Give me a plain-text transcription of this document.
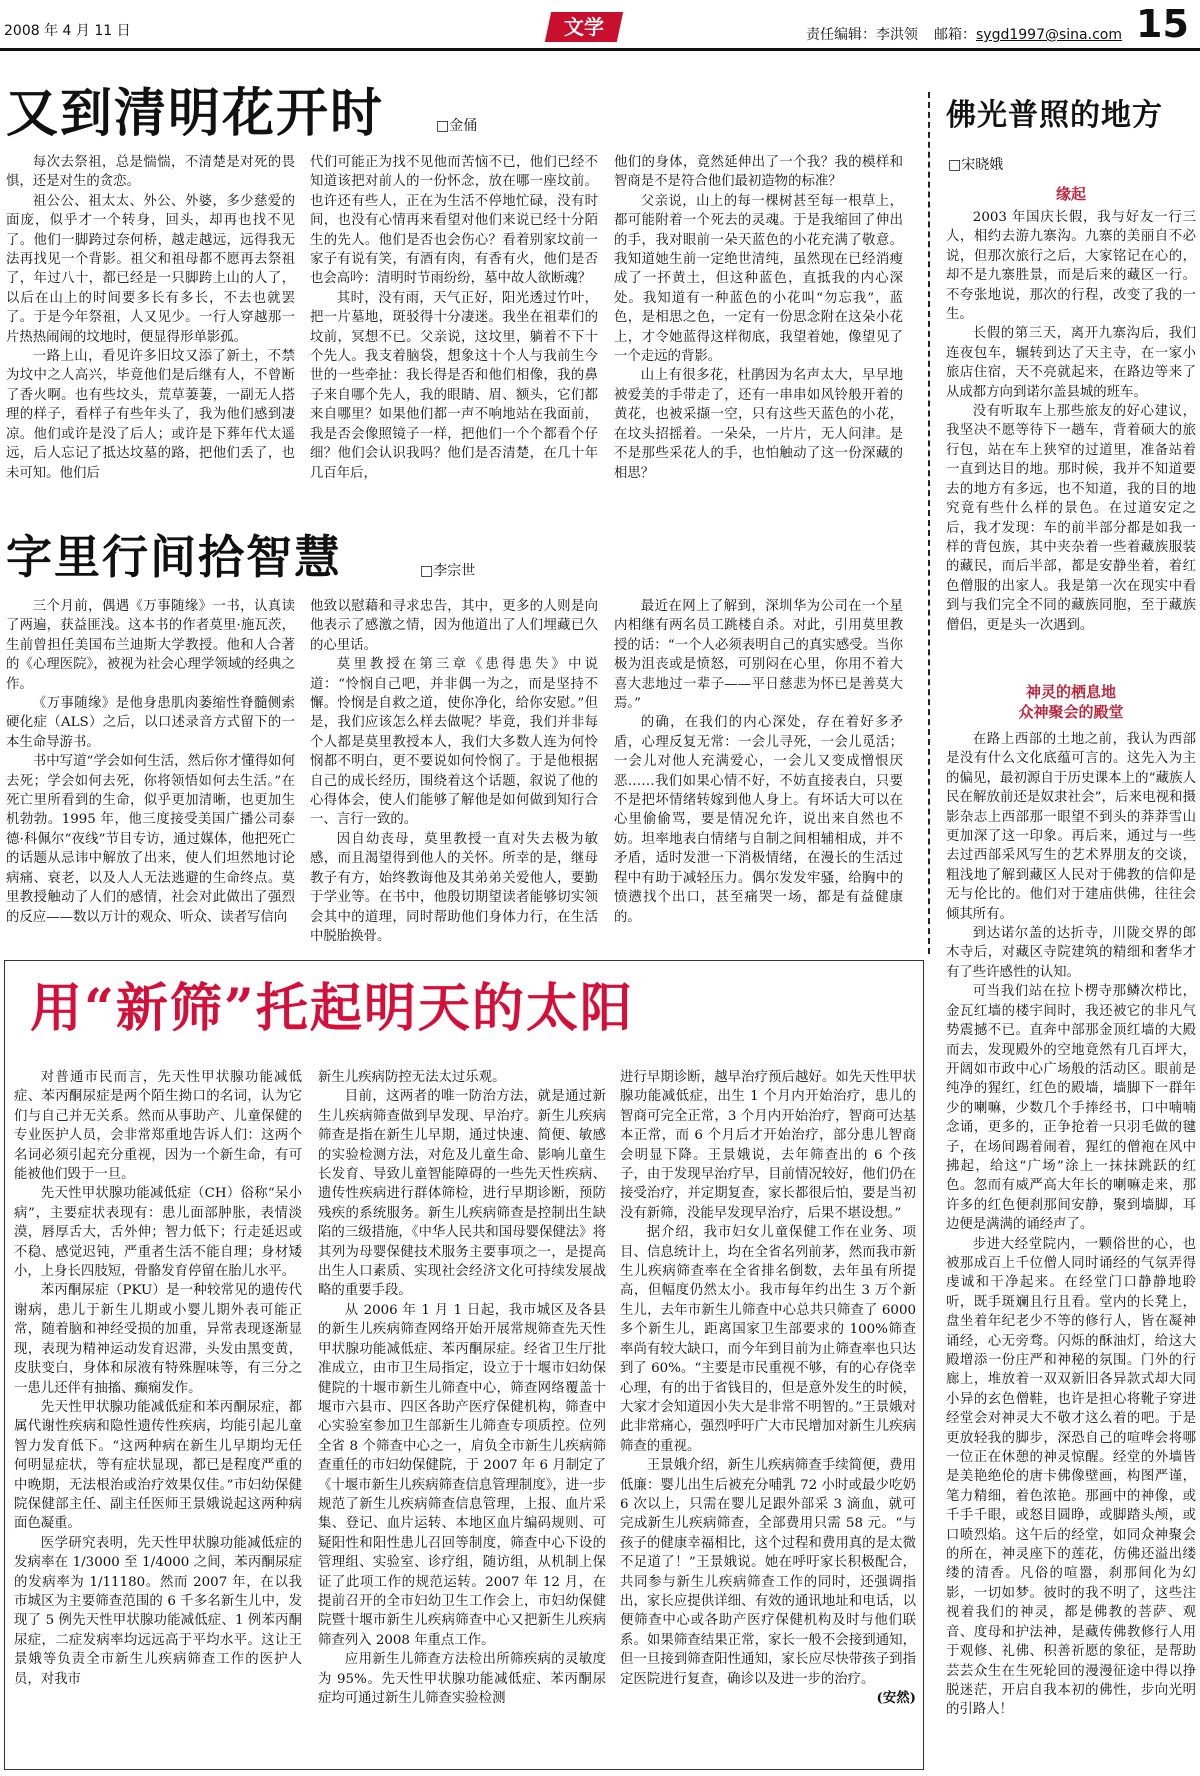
2008 年 4 月 11 日	文学	责任编辑：李洪领 邮箱：sygd1997@sina.com 15
又到清明花开时	□金俑

每次去祭祖，总是惴惴，不清楚是对死的畏惧，还是对生的贪恋。

祖公公、祖太太、外公、外婆，多少慈爱的面庞，似乎才一个转身，回头，却再也找不见了。他们一脚跨过奈何桥，越走越远，远得我无法再找见一个背影。祖父和祖母都不愿再去祭祖了，年过八十，都已经是一只脚跨上山的人了，以后在山上的时间要多长有多长，不去也就罢了。于是今年祭祖，人又见少。一行人穿越那一片热热闹闹的坟地时，便显得形单影孤。

一路上山，看见许多旧坟又添了新土，不禁为坟中之人高兴，毕竟他们是后继有人，不曾断了香火啊。也有些坟头，荒草萋萋，一副无人搭理的样子，看样子有些年头了，我为他们感到凄凉。他们或许是没了后人；或许是下葬年代太遥远，后人忘记了抵达坟墓的路，把他们丢了，也未可知。他们后

代们可能正为找不见他而苦恼不已，他们已经不知道该把对前人的一份怀念，放在哪一座坟前。也许还有些人，正在为生活不停地忙碌，没有时间，也没有心情再来看望对他们来说已经十分陌生的先人。他们是否也会伤心？看着别家坟前一家子有说有笑，有酒有肉，有香有火，他们是否也会高吟：清明时节雨纷纷，墓中故人欲断魂？

其时，没有雨，天气正好，阳光透过竹叶，把一片墓地，斑驳得十分凄迷。我坐在祖辈们的坟前，冥想不已。父亲说，这坟里，躺着不下十个先人。我支着脑袋，想象这十个人与我前生今世的一些牵扯：我长得是否和他们相像，我的鼻子来自哪个先人，我的眼睛、眉、额头，它们都来自哪里？如果他们都一声不响地站在我面前，我是否会像照镜子一样，把他们一个个都看个仔细？他们会认识我吗？他们是否清楚，在几十年几百年后，

他们的身体，竟然延伸出了一个我？我的模样和智商是不是符合他们最初造物的标准？

父亲说，山上的每一棵树甚至每一根草上，都可能附着一个死去的灵魂。于是我缩回了伸出的手，我对眼前一朵天蓝色的小花充满了敬意。我知道她生前一定绝世清纯，虽然现在已经消瘦成了一抔黄土，但这种蓝色，直抵我的内心深处。我知道有一种蓝色的小花叫“勿忘我”，蓝色，是相思之色，一定有一份思念附在这朵小花上，才令她蓝得这样彻底，我望着她，像望见了一个走远的背影。

山上有很多花，杜鹃因为名声太大，早早地被爱美的手带走了，还有一串串如风铃般开着的黄花，也被采撷一空，只有这些天蓝色的小花，在坟头招摇着。一朵朵，一片片，无人问津。是不是那些采花人的手，也怕触动了这一份深藏的相思？

字里行间拾智慧	□李宗世

三个月前，偶遇《万事随缘》一书，认真读了两遍，获益匪浅。这本书的作者莫里·施瓦茨，生前曾担任美国布兰迪斯大学教授。他和人合著的《心理医院》，被视为社会心理学领域的经典之作。

《万事随缘》是他身患肌肉萎缩性脊髓侧索硬化症（ALS）之后，以口述录音方式留下的一本生命导游书。

书中写道“学会如何生活，然后你才懂得如何去死；学会如何去死，你将领悟如何去生活。”在死亡里所看到的生命，似乎更加清晰，也更加生机勃勃。1995 年，他三度接受美国广播公司泰德·科佩尔“夜线”节目专访，通过媒体，他把死亡的话题从忌讳中解放了出来，使人们坦然地讨论病痛、衰老，以及人人无法逃避的生命终点。莫里教授触动了人们的感情，社会对此做出了强烈的反应——数以万计的观众、听众、读者写信向

他致以慰藉和寻求忠告，其中，更多的人则是向他表示了感激之情，因为他道出了人们埋藏已久的心里话。

莫里教授在第三章《患得患失》中说道：“怜悯自己吧，并非偶一为之，而是坚持不懈。怜悯是自救之道，使你净化，给你安慰。”但是，我们应该怎么样去做呢？毕竟，我们并非每个人都是莫里教授本人，我们大多数人连为何怜悯都不明白，更不要说如何怜悯了。于是他根据自己的成长经历，围绕着这个话题，叙说了他的心得体会，使人们能够了解他是如何做到知行合一、言行一致的。

因自幼丧母，莫里教授一直对失去极为敏感，而且渴望得到他人的关怀。所幸的是，继母教子有方，始终教诲他及其弟弟关爱他人，要勤于学业等。在书中，他殷切期望读者能够切实领会其中的道理，同时帮助他们身体力行，在生活中脱胎换骨。

最近在网上了解到，深圳华为公司在一个星内相继有两名员工跳楼自杀。对此，引用莫里教授的话：“一个人必须表明自己的真实感受。当你极为沮丧或是愤怒，可别闷在心里，你用不着大喜大悲地过一辈子——平日慈悲为怀已是善莫大焉。”

的确，在我们的内心深处，存在着好多矛盾，心理反复无常：一会儿寻死，一会儿觅活；一会儿对他人充满爱心，一会儿又变成憎恨厌恶……我们如果心情不好，不妨直接表白，只要不是把坏情绪转嫁到他人身上。有坏话大可以在心里偷偷骂，要是情况允许，说出来自然也不妨。坦率地表白情绪与自制之间相辅相成，并不矛盾，适时发泄一下消极情绪，在漫长的生活过程中有助于减轻压力。偶尔发发牢骚，给胸中的愤懑找个出口，甚至痛哭一场，都是有益健康的。

用“新筛”托起明天的太阳

对普通市民而言，先天性甲状腺功能减低症、苯丙酮尿症是两个陌生拗口的名词，认为它们与自己并无关系。然而从事助产、儿童保健的专业医护人员，会非常郑重地告诉人们：这两个名词必须引起充分重视，因为一个新生命，有可能被他们毁于一旦。

先天性甲状腺功能减低症（CH）俗称“呆小病”，主要症状表现有：患儿面部肿胀，表情淡漠，唇厚舌大，舌外伸；智力低下；行走延迟或不稳、感觉迟钝，严重者生活不能自理；身材矮小，上身长四肢短，骨骼发育停留在胎儿水平。

苯丙酮尿症（PKU）是一种较常见的遗传代谢病，患儿于新生儿期或小婴儿期外表可能正常，随着脑和神经受损的加重，异常表现逐渐显现，表现为精神运动发育迟滞，头发由黑变黄，皮肤变白，身体和尿液有特殊腥味等，有三分之一患儿还伴有抽搐、癫痫发作。

先天性甲状腺功能减低症和苯丙酮尿症，都属代谢性疾病和隐性遗传性疾病，均能引起儿童智力发育低下。“这两种病在新生儿早期均无任何明显症状，等有症状显现，都已是程度严重的中晚期，无法根治或治疗效果仅佳。”市妇幼保健院保健部主任、副主任医师王景娥说起这两种病面色凝重。

医学研究表明，先天性甲状腺功能减低症的发病率在 1/3000 至 1/4000 之间，苯丙酮尿症的发病率为 1/11180。然而 2007 年，在以我市城区为主要筛查范围的 6 千多名新生儿中，发现了 5 例先天性甲状腺功能减低症、1 例苯丙酮尿症，二症发病率均远远高于平均水平。这让王景娥等负责全市新生儿疾病筛查工作的医护人员，对我市

新生儿疾病防控无法太过乐观。

目前，这两者的唯一防治方法，就是通过新生儿疾病筛查做到早发现、早治疗。新生儿疾病筛查是指在新生儿早期，通过快速、简便、敏感的实验检测方法，对危及儿童生命、影响儿童生长发育、导致儿童智能障碍的一些先天性疾病、遗传性疾病进行群体筛检，进行早期诊断，预防残疾的系统服务。新生儿疾病筛查是控制出生缺陷的三级措施，《中华人民共和国母婴保健法》将其列为母婴保健技术服务主要事项之一，是提高出生人口素质、实现社会经济文化可持续发展战略的重要手段。

从 2006 年 1 月 1 日起，我市城区及各县的新生儿疾病筛查网络开始开展常规筛查先天性甲状腺功能减低症、苯丙酮尿症。经省卫生厅批准成立，由市卫生局指定，设立于十堰市妇幼保健院的十堰市新生儿筛查中心，筛查网络覆盖十堰市六县市、四区各助产医疗保健机构，筛查中心实验室参加卫生部新生儿筛查专项质控。位列全省 8 个筛查中心之一，肩负全市新生儿疾病筛查重任的市妇幼保健院，于 2007 年 6 月制定了《十堰市新生儿疾病筛查信息管理制度》，进一步规范了新生儿疾病筛查信息管理，上报、血片采集、登记、血片运转、本地区血片编码规则、可疑阳性和阳性患儿召回等制度，筛查中心下设的管理组、实验室、诊疗组，随访组，从机制上保证了此项工作的规范运转。2007 年 12 月，在提前召开的全市妇幼卫生工作会上，市妇幼保健院暨十堰市新生儿疾病筛查中心又把新生儿疾病筛查列入 2008 年重点工作。

应用新生儿筛查方法检出所筛疾病的灵敏度为 95%。先天性甲状腺功能减低症、苯丙酮尿症均可通过新生儿筛查实验检测

进行早期诊断，越早治疗预后越好。如先天性甲状腺功能减低症，出生 1 个月内开始治疗，患儿的智商可完全正常，3 个月内开始治疗，智商可达基本正常，而 6 个月后才开始治疗，部分患儿智商会明显下降。王景娥说，去年筛查出的 6 个孩子，由于发现早治疗早，目前情况较好，他们仍在接受治疗，并定期复查，家长都很后怕，要是当初没有新筛，没能早发现早治疗，后果不堪设想。”

据介绍，我市妇女儿童保健工作在业务、项目、信息统计上，均在全省名列前茅，然而我市新生儿疾病筛查率在全省排名倒数，去年虽有所提高，但幅度仍然太小。我市每年约出生 3 万个新生儿，去年市新生儿筛查中心总共只筛查了 6000 多个新生儿，距离国家卫生部要求的 100%筛查率尚有较大缺口，而今年到目前为止筛查率也只达到了 60%。“主要是市民重视不够，有的心存侥幸心理，有的出于省钱目的，但是意外发生的时候，大家才会知道因小失大是非常不明智的。”王景娥对此非常痛心，强烈呼吁广大市民增加对新生儿疾病筛查的重视。

王景娥介绍，新生儿疾病筛查手续简便，费用低廉：婴儿出生后被充分哺乳 72 小时或最少吃奶 6 次以上，只需在婴儿足跟外部采 3 滴血，就可完成新生儿疾病筛查，全部费用只需 58 元。“与孩子的健康幸福相比，这个过程和费用真的是太微不足道了！”王景娥说。她在呼吁家长积极配合，共同参与新生儿疾病筛查工作的同时，还强调指出，家长应提供详细、有效的通讯地址和电话，以便筛查中心或各助产医疗保健机构及时与他们联系。如果筛查结果正常，家长一般不会接到通知，但一旦接到筛查阳性通知，家长应尽快带孩子到指定医院进行复查，确诊以及进一步的治疗。

(安然)

佛光普照的地方
□宋晓娥
缘起

2003 年国庆长假，我与好友一行三人，相约去游九寨沟。九寨的美丽自不必说，但那次旅行之后，大家铭记在心的，却不是九寨胜景，而是后来的藏区一行。不夸张地说，那次的行程，改变了我的一生。

长假的第三天，离开九寨沟后，我们连夜包车，辗转到达了天主寺，在一家小旅店住宿，天不亮就起来，在路边等来了从成都方向到诺尔盖县城的班车。

没有听取车上那些旅友的好心建议，我坚决不愿等待下一趟车，背着硕大的旅行包，站在车上狭窄的过道里，准备站着一直到达目的地。那时候，我并不知道要去的地方有多远，也不知道，我的目的地究竟有些什么样的景色。在过道安定之后，我才发现：车的前半部分都是如我一样的背包族，其中夹杂着一些着藏族服装的藏民，而后半部，都是安静坐着，着红色僧服的出家人。我是第一次在现实中看到与我们完全不同的藏族同胞，至于藏族僧侣，更是头一次遇到。

神灵的栖息地
众神聚会的殿堂

在路上西部的土地之前，我认为西部是没有什么文化底蕴可言的。这先入为主的偏见，最初源自于历史课本上的“藏族人民在解放前还是奴隶社会”，后来电视和摄影杂志上西部那一眼望不到头的莽莽雪山更加深了这一印象。再后来，通过与一些去过西部采风写生的艺术界朋友的交谈，粗浅地了解到藏区人民对于佛教的信仰是无与伦比的。他们对于建庙供佛，往往会倾其所有。

到达诺尔盖的达折寺，川陇交界的郎木寺后，对藏区寺院建筑的精细和奢华才有了些许感性的认知。

可当我们站在拉卜楞寺那鳞次栉比，金瓦红墙的楼宇间时，我还被它的非凡气势震撼不已。直奔中部那金顶红墙的大殿而去，发现殿外的空地竟然有几百坪大，开阔如市政中心广场般的活动区。眼前是纯净的猩红，红色的殿墙，墙脚下一群年少的喇嘛，少数几个手捧经书，口中喃喃念诵，更多的，正争抢着一只羽毛做的毽子，在场间踢着闹着，猩红的僧袍在风中拂起，给这“广场”涂上一抹抹跳跃的红色。忽而有威严高大年长的喇嘛走来，那许多的红色便刹那间安静，聚到墙脚，耳边便是满满的诵经声了。

步进大经堂院内，一颗俗世的心，也被那成百上千位僧人同时诵经的气氛弄得虔诚和干净起来。在经堂门口静静地聆听，既手斑斓且行且看。堂内的长凳上，盘坐着年纪老少不等的修行人，皆在凝神诵经，心无旁骛。闪烁的酥油灯，给这大殿增添一份庄严和神秘的氛围。门外的行廊上，堆放着一双双新旧各异款式却大同小异的玄色僧鞋，也许是担心将靴子穿进经堂会对神灵大不敬才这么着的吧。于是更放轻我的脚步，深恐自己的喧哗会将哪一位正在休憩的神灵惊醒。经堂的外墙皆是美艳绝伦的唐卡佛像壁画，构图严谨，笔力精细，着色浓艳。那画中的神像，或千手千眼，或怒目圆睁，或脚踏头颅，或口喷烈焰。这午后的经堂，如同众神聚会的所在，神灵座下的莲花，仿佛还溢出缕缕的清香。凡俗的喧嚣，刹那间化为幻影，一切如梦。彼时的我不明了，这些注视着我们的神灵，都是佛教的菩萨、观音、度母和护法神，是藏传佛教修行人用于观修、礼佛、积善祈愿的象征，是帮助芸芸众生在生死轮回的漫漫征途中得以挣脱迷茫，开启自我本初的佛性，步向光明的引路人！
